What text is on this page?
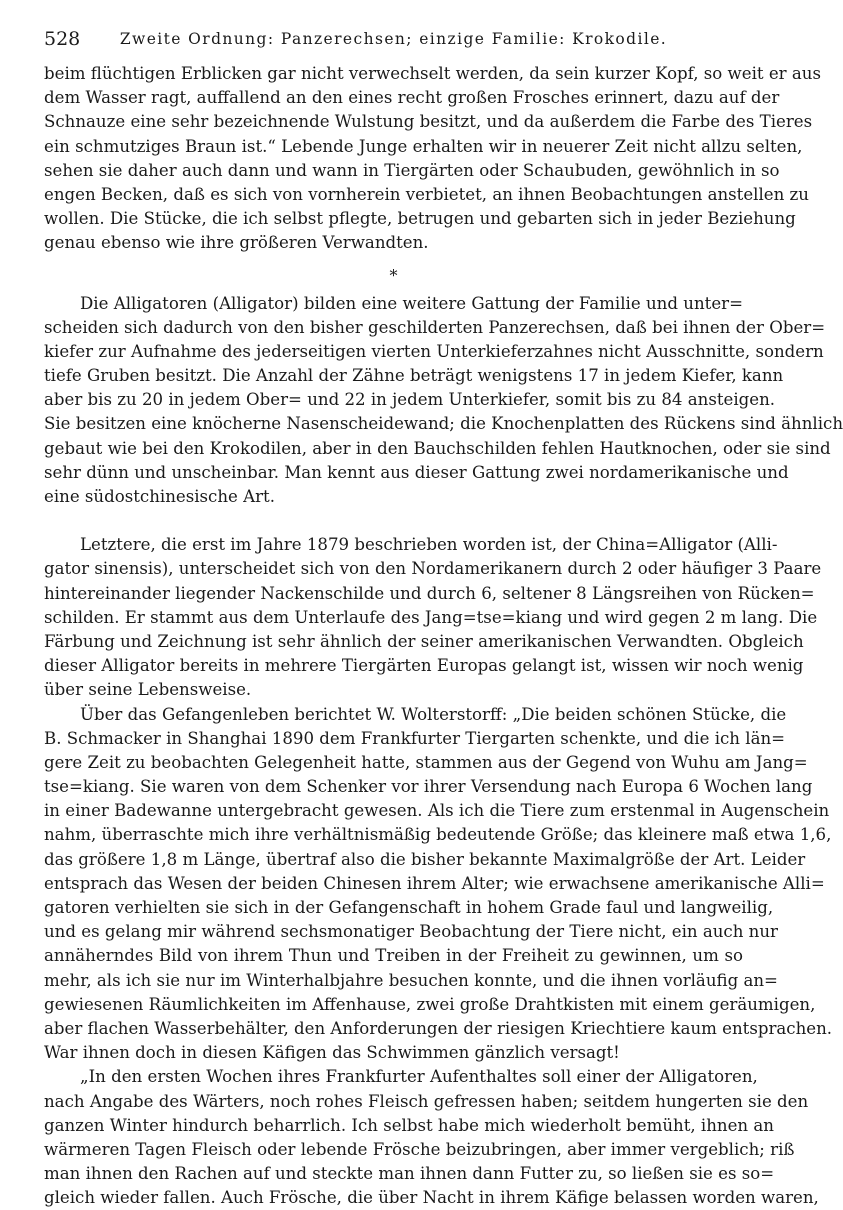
528	Zweite Ordnung: Panzerechsen; einzige Familie: Krokodile.
beim flüchtigen Erblicken gar nicht verwechselt werden, da sein kurzer Kopf, so weit er aus
dem Wasser ragt, auffallend an den eines recht großen Frosches erinnert, dazu auf der
Schnauze eine sehr bezeichnende Wulstung besitzt, und da außerdem die Farbe des Tieres
ein schmutziges Braun ist.“ Lebende Junge erhalten wir in neuerer Zeit nicht allzu selten,
sehen sie daher auch dann und wann in Tiergärten oder Schaubuden, gewöhnlich in so
engen Becken, daß es sich von vornherein verbietet, an ihnen Beobachtungen anstellen zu
wollen. Die Stücke, die ich selbst pflegte, betrugen und gebarten sich in jeder Beziehung
genau ebenso wie ihre größeren Verwandten.
*
Die Alligatoren (Alligator) bilden eine weitere Gattung der Familie und unter=
scheiden sich dadurch von den bisher geschilderten Panzerechsen, daß bei ihnen der Ober=
kiefer zur Aufnahme des jederseitigen vierten Unterkieferzahnes nicht Ausschnitte, sondern
tiefe Gruben besitzt. Die Anzahl der Zähne beträgt wenigstens 17 in jedem Kiefer, kann
aber bis zu 20 in jedem Ober= und 22 in jedem Unterkiefer, somit bis zu 84 ansteigen.
Sie besitzen eine knöcherne Nasenscheidewand; die Knochenplatten des Rückens sind ähnlich
gebaut wie bei den Krokodilen, aber in den Bauchschilden fehlen Hautknochen, oder sie sind
sehr dünn und unscheinbar. Man kennt aus dieser Gattung zwei nordamerikanische und
eine südostchinesische Art.
Letztere, die erst im Jahre 1879 beschrieben worden ist, der China=Alligator (Alli-
gator sinensis), unterscheidet sich von den Nordamerikanern durch 2 oder häufiger 3 Paare
hintereinander liegender Nackenschilde und durch 6, seltener 8 Längsreihen von Rücken=
schilden. Er stammt aus dem Unterlaufe des Jang=tse=kiang und wird gegen 2 m lang. Die
Färbung und Zeichnung ist sehr ähnlich der seiner amerikanischen Verwandten. Obgleich
dieser Alligator bereits in mehrere Tiergärten Europas gelangt ist, wissen wir noch wenig
über seine Lebensweise.
Über das Gefangenleben berichtet W. Wolterstorff: „Die beiden schönen Stücke, die
B. Schmacker in Shanghai 1890 dem Frankfurter Tiergarten schenkte, und die ich län=
gere Zeit zu beobachten Gelegenheit hatte, stammen aus der Gegend von Wuhu am Jang=
tse=kiang. Sie waren von dem Schenker vor ihrer Versendung nach Europa 6 Wochen lang
in einer Badewanne untergebracht gewesen. Als ich die Tiere zum erstenmal in Augenschein
nahm, überraschte mich ihre verhältnismäßig bedeutende Größe; das kleinere maß etwa 1,6,
das größere 1,8 m Länge, übertraf also die bisher bekannte Maximalgröße der Art. Leider
entsprach das Wesen der beiden Chinesen ihrem Alter; wie erwachsene amerikanische Alli=
gatoren verhielten sie sich in der Gefangenschaft in hohem Grade faul und langweilig,
und es gelang mir während sechsmonatiger Beobachtung der Tiere nicht, ein auch nur
annäherndes Bild von ihrem Thun und Treiben in der Freiheit zu gewinnen, um so
mehr, als ich sie nur im Winterhalbjahre besuchen konnte, und die ihnen vorläufig an=
gewiesenen Räumlichkeiten im Affenhause, zwei große Drahtkisten mit einem geräumigen,
aber flachen Wasserbehälter, den Anforderungen der riesigen Kriechtiere kaum entsprachen.
War ihnen doch in diesen Käfigen das Schwimmen gänzlich versagt!
„In den ersten Wochen ihres Frankfurter Aufenthaltes soll einer der Alligatoren,
nach Angabe des Wärters, noch rohes Fleisch gefressen haben; seitdem hungerten sie den
ganzen Winter hindurch beharrlich. Ich selbst habe mich wiederholt bemüht, ihnen an
wärmeren Tagen Fleisch oder lebende Frösche beizubringen, aber immer vergeblich; riß
man ihnen den Rachen auf und steckte man ihnen dann Futter zu, so ließen sie es so=
gleich wieder fallen. Auch Frösche, die über Nacht in ihrem Käfige belassen worden waren,
